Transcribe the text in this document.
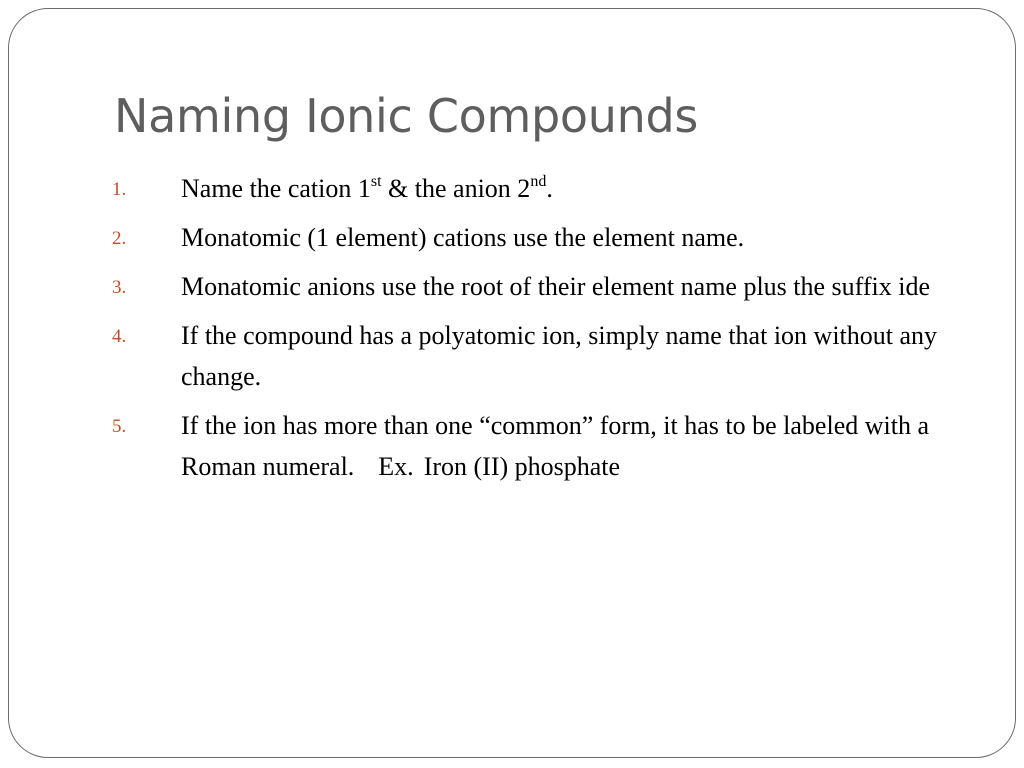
Naming Ionic Compounds
1. Name the cation 1st & the anion 2nd.
2. Monatomic (1 element) cations use the element name.
3. Monatomic anions use the root of their element name plus the suffix ide
4. If the compound has a polyatomic ion, simply name that ion without any change.
5. If the ion has more than one “common” form, it has to be labeled with a Roman numeral. Ex. Iron (II) phosphate
